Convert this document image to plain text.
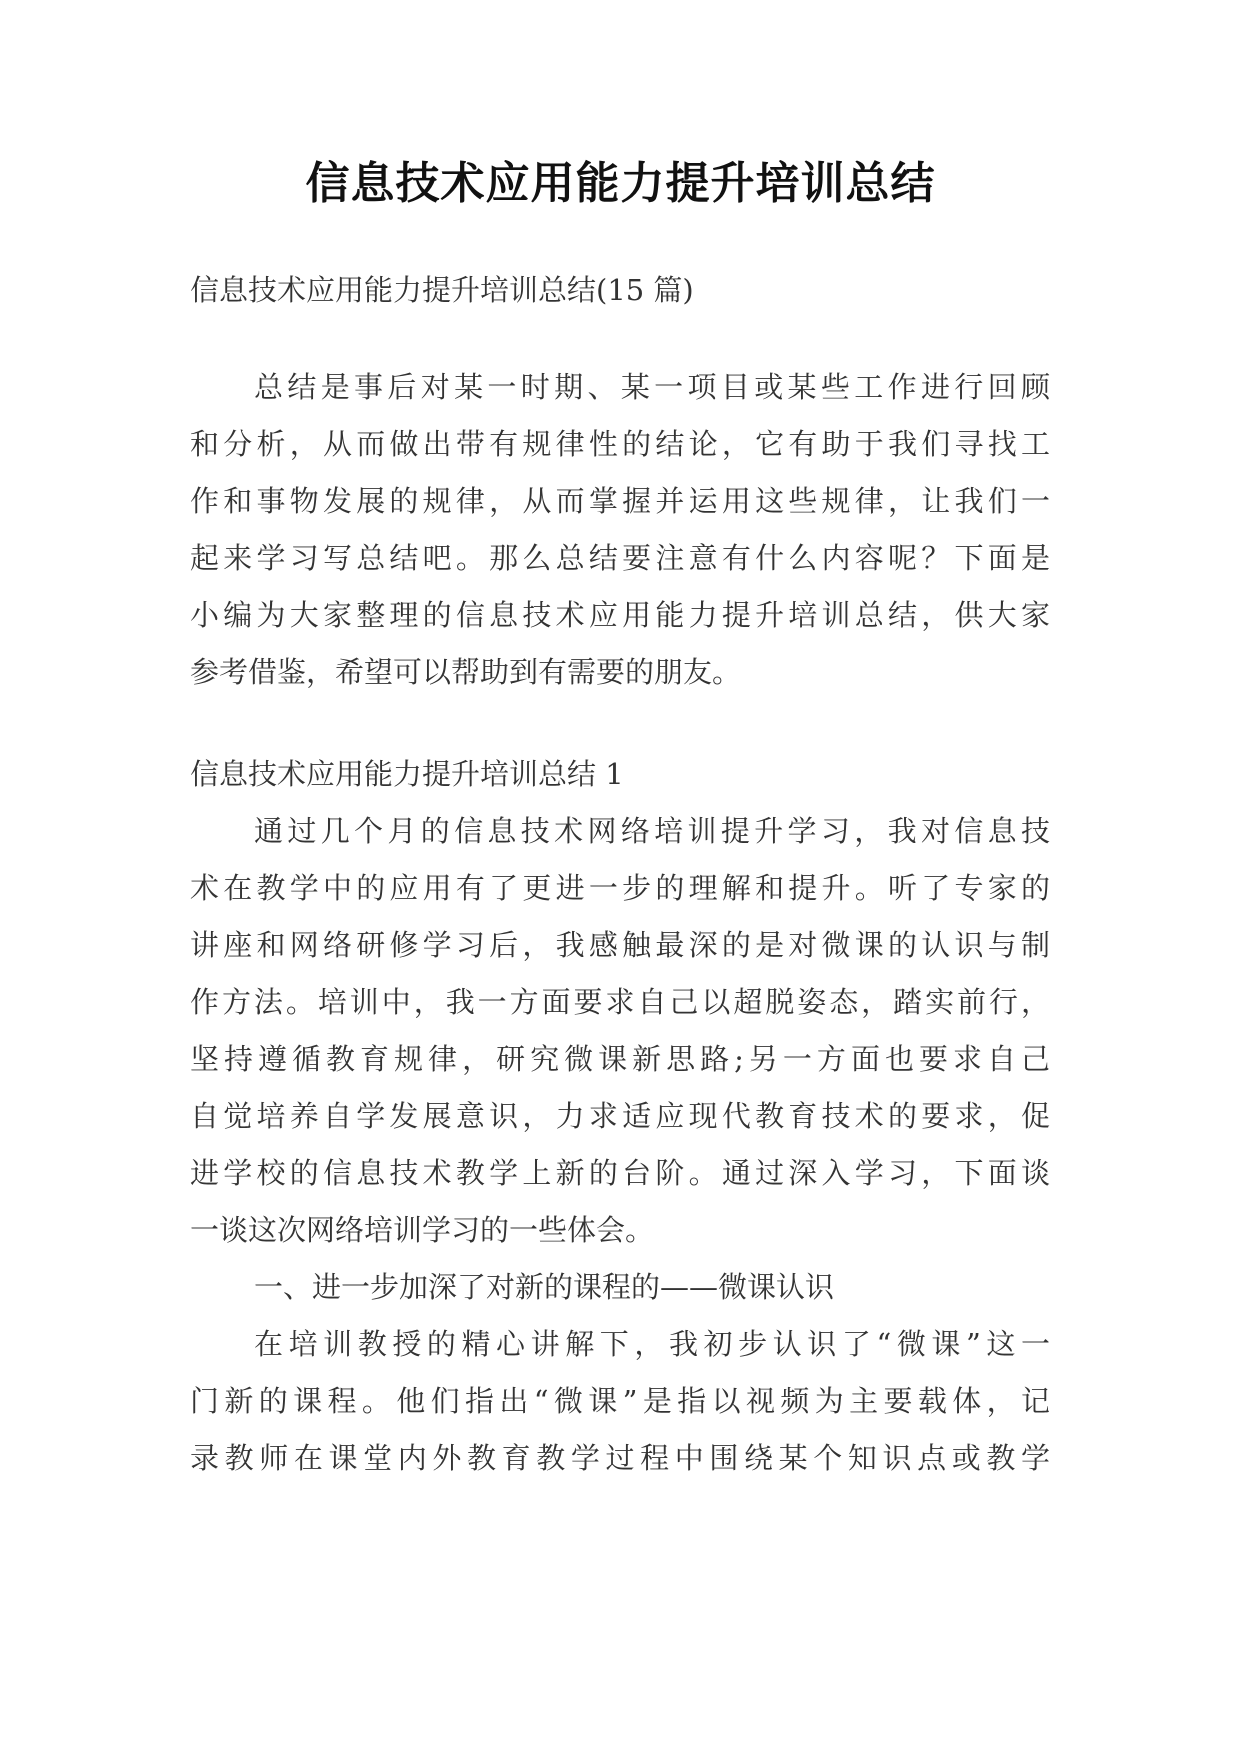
信息技术应用能力提升培训总结

信息技术应用能力提升培训总结(15 篇)

总结是事后对某一时期、某一项目或某些工作进行回顾

和分析，从而做出带有规律性的结论，它有助于我们寻找工

作和事物发展的规律，从而掌握并运用这些规律，让我们一

起来学习写总结吧。那么总结要注意有什么内容呢？下面是

小编为大家整理的信息技术应用能力提升培训总结，供大家

参考借鉴，希望可以帮助到有需要的朋友。

信息技术应用能力提升培训总结 1

通过几个月的信息技术网络培训提升学习，我对信息技

术在教学中的应用有了更进一步的理解和提升。听了专家的

讲座和网络研修学习后，我感触最深的是对微课的认识与制

作方法。培训中，我一方面要求自己以超脱姿态，踏实前行，

坚持遵循教育规律，研究微课新思路;另一方面也要求自己

自觉培养自学发展意识，力求适应现代教育技术的要求，促

进学校的信息技术教学上新的台阶。通过深入学习，下面谈

一谈这次网络培训学习的一些体会。

一、进一步加深了对新的课程的——微课认识

在培训教授的精心讲解下，我初步认识了“微课”这一

门新的课程。他们指出“微课”是指以视频为主要载体，记

录教师在课堂内外教育教学过程中围绕某个知识点或教学
